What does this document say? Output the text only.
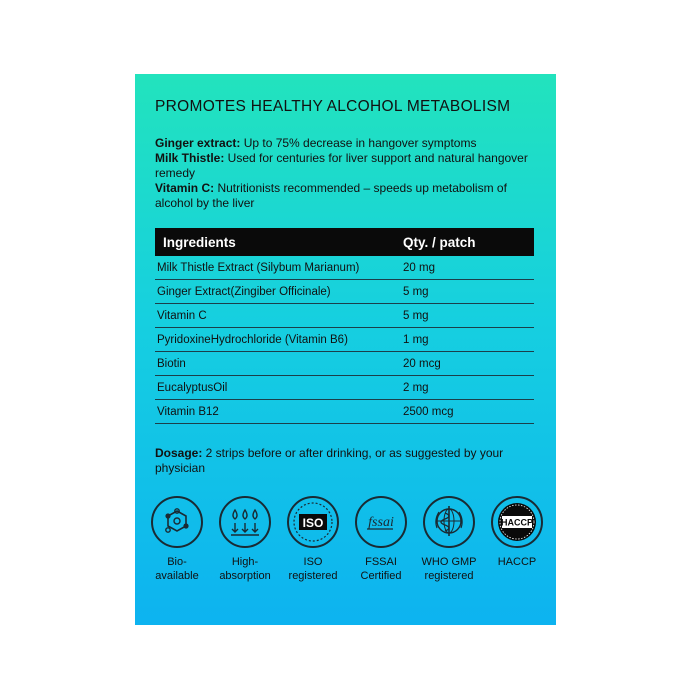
PROMOTES HEALTHY ALCOHOL METABOLISM

Ginger extract: Up to 75% decrease in hangover symptoms

Milk Thistle: Used for centuries for liver support and natural hangover remedy

Vitamin C: Nutritionists recommended – speeds up metabolism of alcohol by the liver

Ingredients	Qty. / patch
Milk Thistle Extract (Silybum Marianum)	20 mg
Ginger Extract(Zingiber Officinale)	5 mg
Vitamin C	5 mg
PyridoxineHydrochloride (Vitamin B6)	1 mg
Biotin	20 mcg
EucalyptusOil	2 mg
Vitamin B12	2500 mcg

Dosage: 2 strips before or after drinking, or as suggested by your physician

Bio-
available
High-
absorption
ISO
ISO
registered
fssai
FSSAI
Certified
WHO GMP
registered
HACCP
HACCP
